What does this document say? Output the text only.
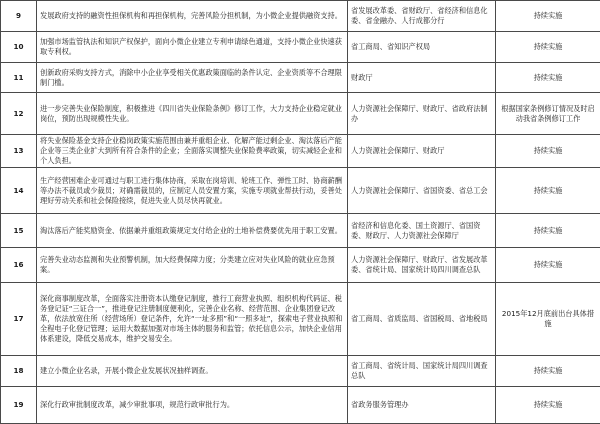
9	发展政府支持的融资性担保机构和再担保机构，完善风险分担机制，为小微企业提供融资支持。	省发展改革委、省财政厅、省经济和信息化委、省金融办、人行成都分行	持续实施
10	加强市场监管执法和知识产权保护，面向小微企业建立专利申请绿色通道，支持小微企业快速获取专利权。	省工商局、省知识产权局	持续实施
11	创新政府采购支持方式，消除中小企业享受相关优惠政策面临的条件认定、企业资质等不合理限制门槛。	财政厅	持续实施
12	进一步完善失业保险制度，积极推进《四川省失业保险条例》修订工作，大力支持企业稳定就业岗位，预防出现规模性失业。	人力资源社会保障厅、财政厅、省政府法制办	根据国家条例修订情况及时启动我省条例修订工作
13	将失业保险基金支持企业稳岗政策实施范围由兼并重组企业、化解产能过剩企业、淘汰落后产能企业等三类企业扩大到所有符合条件的企业；全面落实调整失业保险费率政策，切实减轻企业和个人负担。	人力资源社会保障厅、财政厅	持续实施
14	生产经营困难企业可通过与职工进行集体协商，采取在岗培训、轮班工作、弹性工时、协商薪酬等办法不裁员或少裁员；对确需裁员的，应制定人员安置方案，实施专项就业帮扶行动，妥善处理好劳动关系和社会保险接续，促进失业人员尽快再就业。	人力资源社会保障厅、省国资委、省总工会	持续实施
15	淘汰落后产能奖励资金、依据兼并重组政策规定支付给企业的土地补偿费要优先用于职工安置。	省经济和信息化委、国土资源厅、省国资委、财政厅、人力资源社会保障厅	持续实施
16	完善失业动态监测和失业预警机制，加大经费保障力度；分类建立应对失业风险的就业应急预案。	人力资源社会保障厅、财政厅、省发展改革委、省统计局、国家统计局四川调查总队	持续实施
17	深化商事制度改革，全面落实注册资本认缴登记制度，推行工商营业执照、组织机构代码证、税务登记证“三证合一”，推进登记注册制度便利化，完善企业名称、经营范围、企业集团登记改革，依法放宽住所（经营场所）登记条件，允许“一址多照”和“一照多址”，探索电子营业执照和全程电子化登记管理；运用大数据加强对市场主体的服务和监管；依托信息公示，加快企业信用体系建设，降低交易成本，维护交易安全。	省工商局、省质监局、省国税局、省地税局	2015年12月底前出台具体措施
18	建立小微企业名录，开展小微企业发展状况抽样调查。	省工商局、省统计局、国家统计局四川调查总队	持续实施
19	深化行政审批制度改革，减少审批事项，规范行政审批行为。	省政务服务管理办	持续实施
